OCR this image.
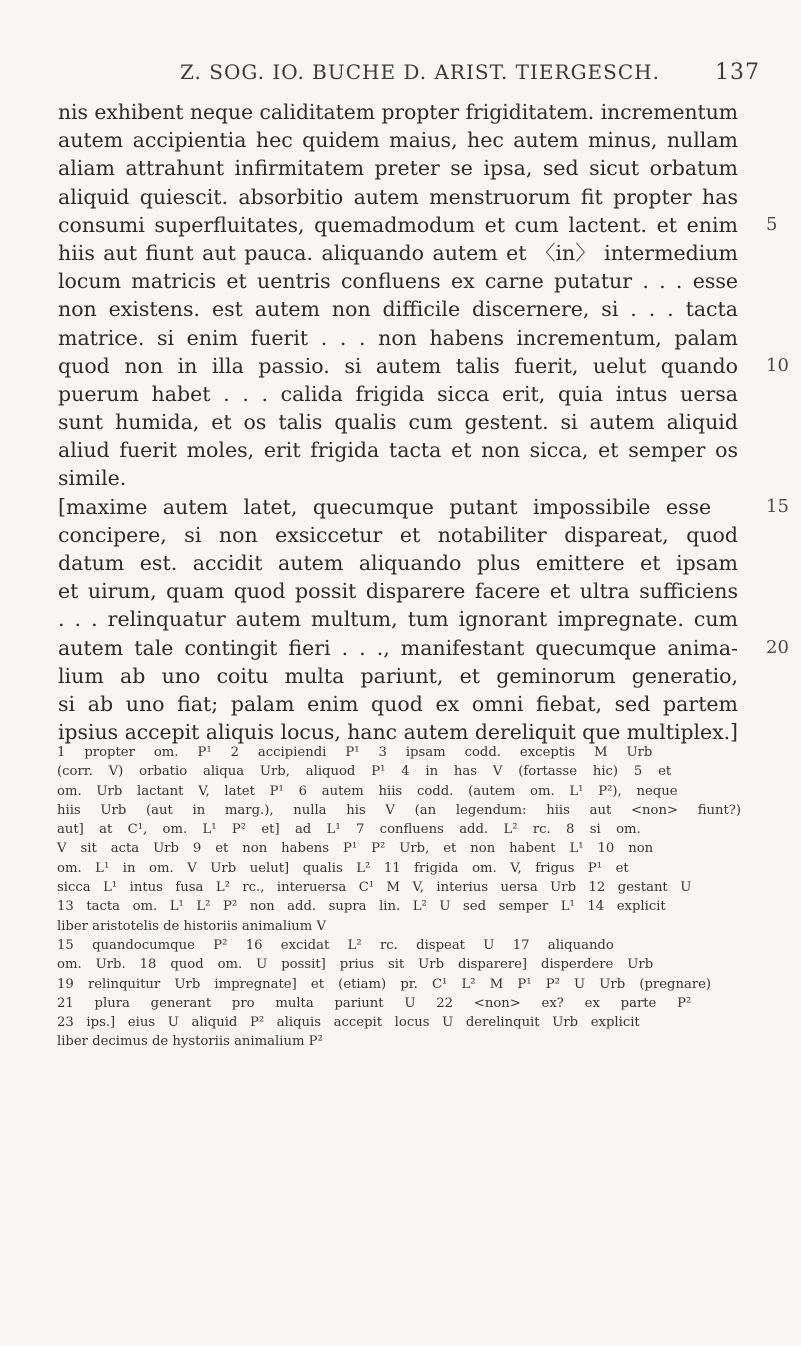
Z. SOG. IO. BUCHE D. ARIST. TIERGESCH.	137
nis exhibent neque caliditatem propter frigiditatem. incrementum
autem accipientia hec quidem maius, hec autem minus, nullam
aliam attrahunt infirmitatem preter se ipsa, sed sicut orbatum
aliquid quiescit. absorbitio autem menstruorum fit propter has
consumi superfluitates, quemadmodum et cum lactent. et enim 5
hiis aut fiunt aut pauca. aliquando autem et 〈in〉 intermedium
locum matricis et uentris confluens ex carne putatur . . . esse
non existens. est autem non difficile discernere, si . . . tacta
matrice. si enim fuerit . . . non habens incrementum, palam
quod non in illa passio. si autem talis fuerit, uelut quando 10
puerum habet . . . calida frigida sicca erit, quia intus uersa
sunt humida, et os talis qualis cum gestent. si autem aliquid
aliud fuerit moles, erit frigida tacta et non sicca, et semper os
simile.
[maxime autem latet, quecumque putant impossibile esse	15
concipere, si non exsiccetur et notabiliter dispareat, quod
datum est. accidit autem aliquando plus emittere et ipsam
et uirum, quam quod possit disparere facere et ultra sufficiens
. . . relinquatur autem multum, tum ignorant impregnate. cum
autem tale contingit fieri . . ., manifestant quecumque anima- 20
lium ab uno coitu multa pariunt, et geminorum generatio,
si ab uno fiat; palam enim quod ex omni fiebat, sed partem
ipsius accepit aliquis locus, hanc autem dereliquit que multiplex.]
1 propter om. P¹ 2 accipiendi P¹ 3 ipsam codd. exceptis M Urb
(corr. V) orbatio aliqua Urb, aliquod P¹ 4 in has V (fortasse hic) 5 et
om. Urb lactant V, latet P¹ 6 autem hiis codd. (autem om. L¹ P²), neque
hiis Urb (aut in marg.), nulla his V (an legendum: hiis aut <non> fiunt?)
aut] at C¹, om. L¹ P² et] ad L¹ 7 confluens add. L² rc. 8 si om.
V sit acta Urb 9 et non habens P¹ P² Urb, et non habent L¹ 10 non
om. L¹ in om. V Urb uelut] qualis L² 11 frigida om. V, frigus P¹ et
sicca L¹ intus fusa L² rc., interuersa C¹ M V, interius uersa Urb 12 gestant U
13 tacta om. L¹ L² P² non add. supra lin. L² U sed semper L¹ 14 explicit
liber aristotelis de historiis animalium V
15 quandocumque P² 16 excidat L² rc. dispeat U 17 aliquando
om. Urb. 18 quod om. U possit] prius sit Urb disparere] disperdere Urb
19 relinquitur Urb impregnate] et (etiam) pr. C¹ L² M P¹ P² U Urb (pregnare)
21 plura generant pro multa pariunt U 22 <non> ex? ex parte P²
23 ips.] eius U aliquid P² aliquis accepit locus U derelinquit Urb explicit
liber decimus de hystoriis animalium P²
